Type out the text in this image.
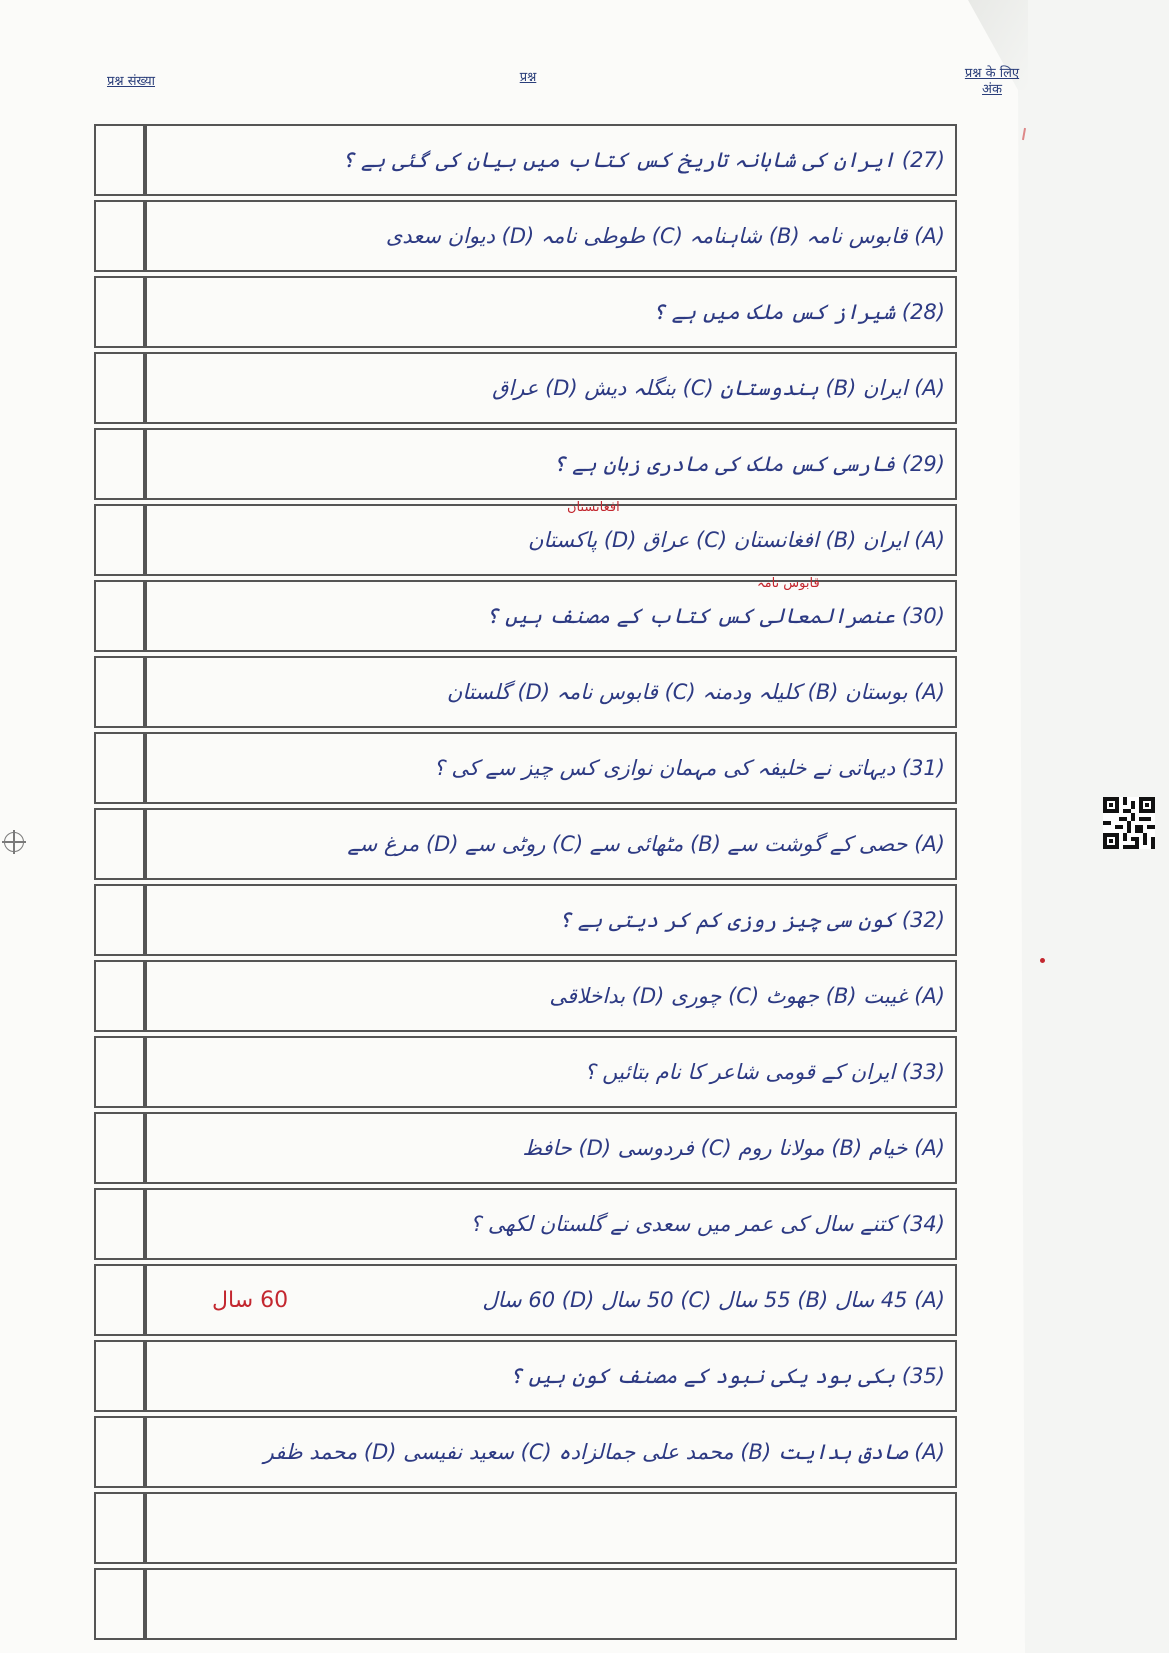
प्रश्न संख्या	प्रश्न	प्रश्न के लिए अंक
(27) ایران کی شاہانہ تاریخ کس کتاب میں بیان کی گئی ہے ؟
(A) قابوس نامہ (B) شاہنامہ (C) طوطی نامہ (D) دیوان سعدی
(28) شیراز کس ملک میں ہے ؟
(A) ایران (B) ہندوستان (C) بنگلہ دیش (D) عراق
(29) فارسی کس ملک کی مادری زبان ہے ؟
(A) ایران (B) افغانستان (C) عراق (D) پاکستان
افغانستان
(30) عنصرالمعالی کس کتاب کے مصنف ہیں ؟
قابوس نامہ
(A) بوستان (B) کلیلہ ودمنہ (C) قابوس نامہ (D) گلستان
(31) دیہاتی نے خلیفہ کی مہمان نوازی کس چیز سے کی ؟
(A) حصی کے گوشت سے (B) مٹھائی سے (C) روٹی سے (D) مرغ سے
(32) کون سی چیز روزی کم کر دیتی ہے ؟
(A) غیبت (B) جھوٹ (C) چوری (D) بداخلاقی
(33) ایران کے قومی شاعر کا نام بتائیں ؟
(A) خیام (B) مولانا روم (C) فردوسی (D) حافظ
(34) کتنے سال کی عمر میں سعدی نے گلستان لکھی ؟
(A) 45 سال (B) 55 سال (C) 50 سال (D) 60 سال
60 سال
(35) بکی بود یکی نبود کے مصنف کون ہیں ؟
(A) صادق ہدایت (B) محمد علی جمالزادہ (C) سعید نفیسی (D) محمد ظفر
